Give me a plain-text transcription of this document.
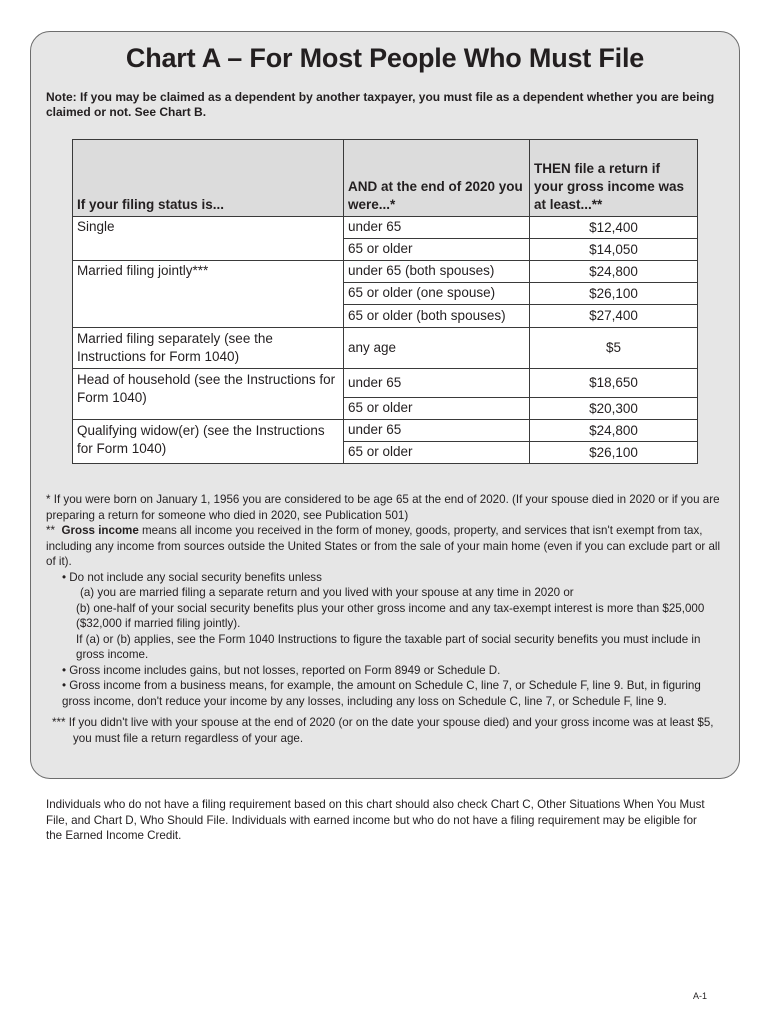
Chart A – For Most People Who Must File
Note: If you may be claimed as a dependent by another taxpayer, you must file as a dependent whether you are being claimed or not. See Chart B.
If your filing status is...	AND at the end of 2020 you were...*	THEN file a return if your gross income was at least...**
Single	under 65	$12,400
	65 or older	$14,050
Married filing jointly***	under 65 (both spouses)	$24,800
	65 or older (one spouse)	$26,100
	65 or older (both spouses)	$27,400
Married filing separately (see the Instructions for Form 1040)	any age	$5
Head of household (see the Instructions for Form 1040)	under 65	$18,650
	65 or older	$20,300
Qualifying widow(er) (see the Instructions for Form 1040)	under 65	$24,800
	65 or older	$26,100
* If you were born on January 1, 1956 you are considered to be age 65 at the end of 2020. (If your spouse died in 2020 or if you are preparing a return for someone who died in 2020, see Publication 501)
**  Gross income means all income you received in the form of money, goods, property, and services that isn't exempt from tax, including any income from sources outside the United States or from the sale of your main home (even if you can exclude part or all of it).
• Do not include any social security benefits unless
(a) you are married filing a separate return and you lived with your spouse at any time in 2020 or
(b) one-half of your social security benefits plus your other gross income and any tax-exempt interest is more than $25,000 ($32,000 if married filing jointly).
If (a) or (b) applies, see the Form 1040 Instructions to figure the taxable part of social security benefits you must include in gross income.
• Gross income includes gains, but not losses, reported on Form 8949 or Schedule D.
• Gross income from a business means, for example, the amount on Schedule C, line 7, or Schedule F, line 9. But, in figuring gross income, don't reduce your income by any losses, including any loss on Schedule C, line 7, or Schedule F, line 9.
*** If you didn't live with your spouse at the end of 2020 (or on the date your spouse died) and your gross income was at least $5, you must file a return regardless of your age.
Individuals who do not have a filing requirement based on this chart should also check Chart C, Other Situations When You Must File, and Chart D, Who Should File. Individuals with earned income but who do not have a filing requirement may be eligible for the Earned Income Credit.
A-1
